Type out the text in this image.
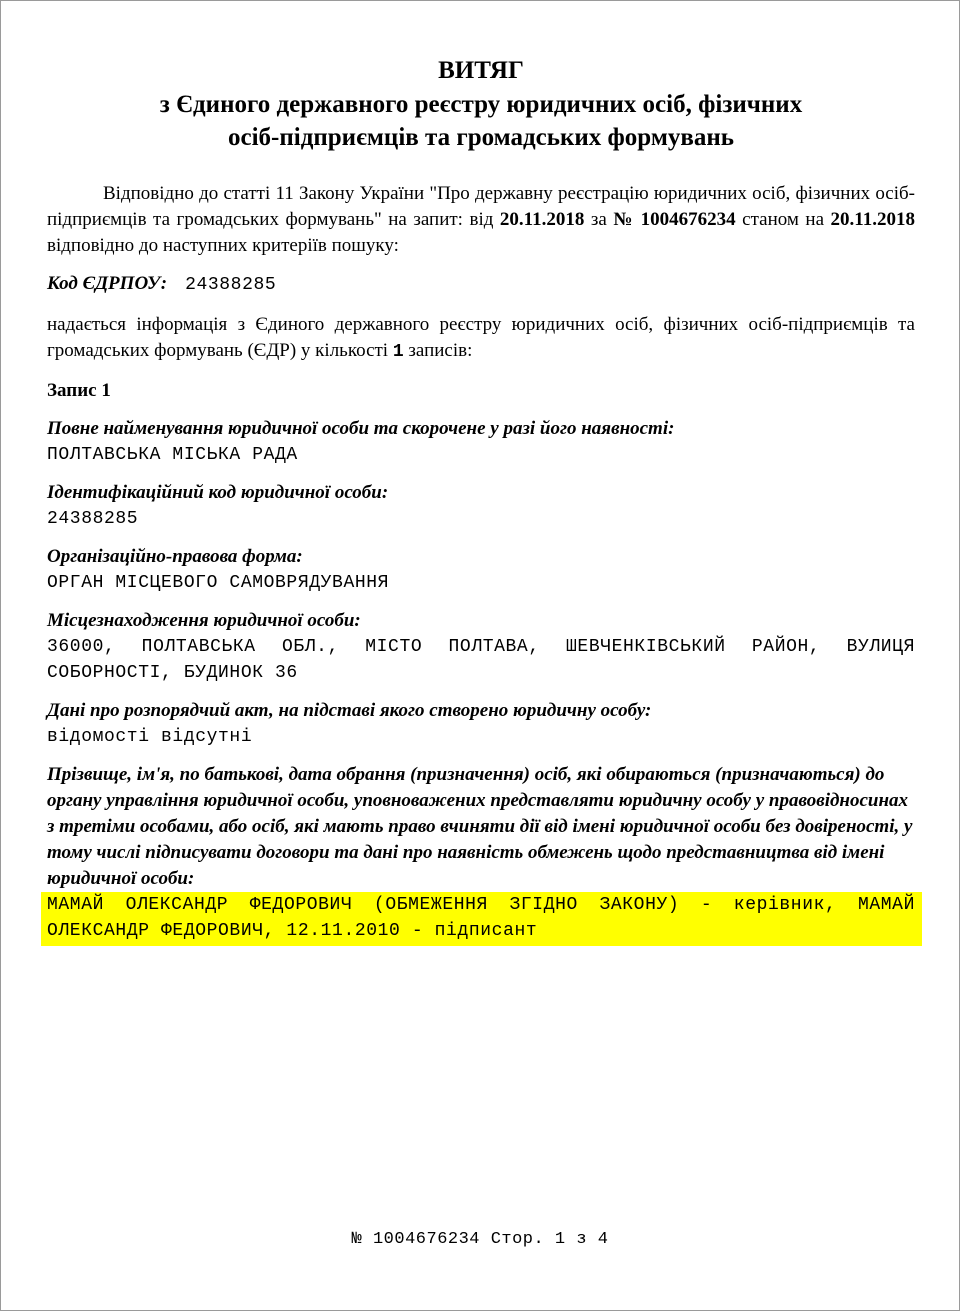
ВИТЯГ

з Єдиного державного реєстру юридичних осіб, фізичних

осіб-підприємців та громадських формувань

Відповідно до статті 11 Закону України "Про державну реєстрацію юридичних осіб, фізичних осіб-підприємців та громадських формувань" на запит: від 20.11.2018 за № 1004676234 станом на 20.11.2018 відповідно до наступних критеріїв пошуку:
Код ЄДРПОУ: 24388285
надається інформація з Єдиного державного реєстру юридичних осіб, фізичних осіб-підприємців та громадських формувань (ЄДР) у кількості 1 записів:
Запис 1
Повне найменування юридичної особи та скорочене у разі його наявності:
ПОЛТАВСЬКА МІСЬКА РАДА
Ідентифікаційний код юридичної особи:
24388285
Організаційно-правова форма:
ОРГАН МІСЦЕВОГО САМОВРЯДУВАННЯ
Місцезнаходження юридичної особи:
36000, ПОЛТАВСЬКА ОБЛ., МІСТО ПОЛТАВА, ШЕВЧЕНКІВСЬКИЙ РАЙОН, ВУЛИЦЯ СОБОРНОСТІ, БУДИНОК 36
Дані про розпорядчий акт, на підставі якого створено юридичну особу:
відомості відсутні
Прізвище, ім'я, по батькові, дата обрання (призначення) осіб, які обираються (призначаються) до органу управління юридичної особи, уповноважених представляти юридичну особу у правовідносинах з третіми особами, або осіб, які мають право вчиняти дії від імені юридичної особи без довіреності, у тому числі підписувати договори та дані про наявність обмежень щодо представництва від імені юридичної особи:
МАМАЙ ОЛЕКСАНДР ФЕДОРОВИЧ (ОБМЕЖЕННЯ ЗГІДНО ЗАКОНУ) - керівник, МАМАЙ ОЛЕКСАНДР ФЕДОРОВИЧ, 12.11.2010 - підписант
№ 1004676234 Стор. 1 з 4
